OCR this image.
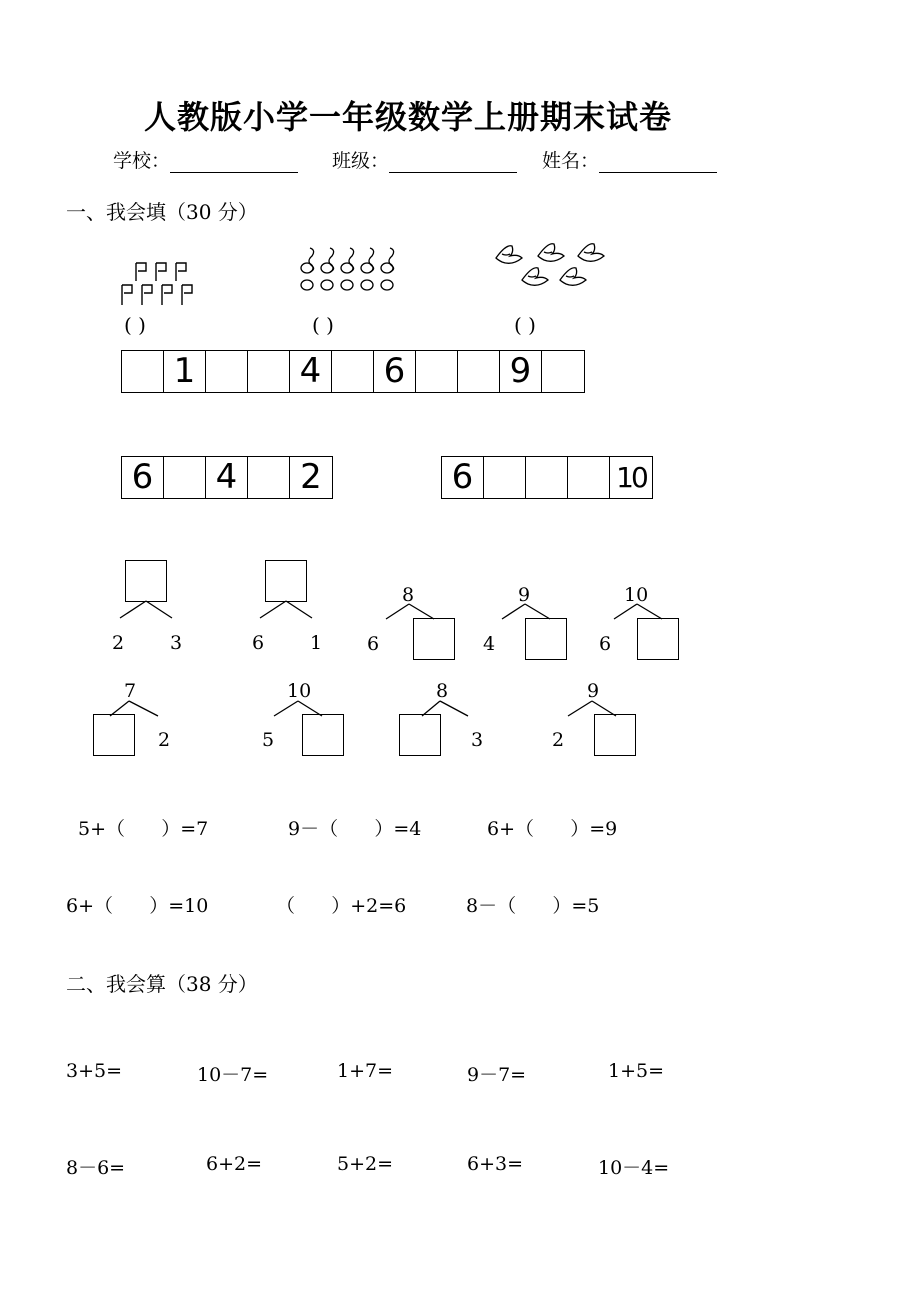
人教版小学一年级数学上册期末试卷
学校：	班级：	姓名：
一、我会填（30 分）
( )	( )	( )
1	4	6	9
6	4	2	6	10
2 3	6 1
8
6
9
4
10
6
7
2
10
5
8
3
9
2
5+（      ）=7	9－（      ）=4	6+（      ）=9
6+（      ）=10	（      ）+2=6	8－（      ）=5
二、我会算（38 分）
3+5=	10－7=	1+7=	9－7=	1+5=
8－6=	6+2=	5+2=	6+3=	10－4=
